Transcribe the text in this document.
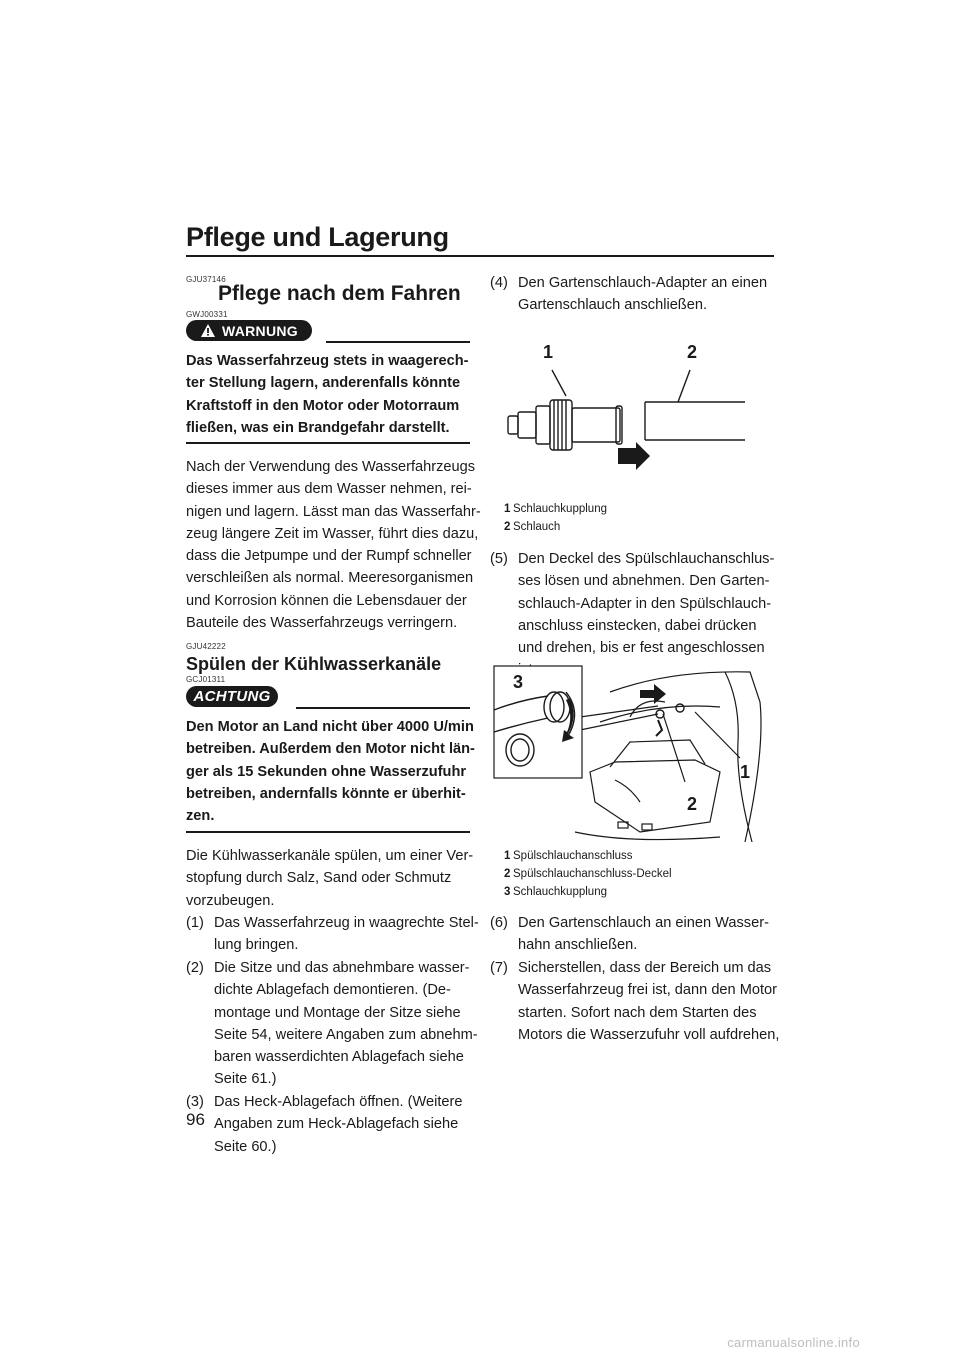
Pflege und Lagerung
GJU37146
Pflege nach dem Fahren
GWJ00331
WARNUNG
Das Wasserfahrzeug stets in waagerech-
ter Stellung lagern, anderenfalls könnte
Kraftstoff in den Motor oder Motorraum
fließen, was ein Brandgefahr darstellt.
Nach der Verwendung des Wasserfahrzeugs
dieses immer aus dem Wasser nehmen, rei-
nigen und lagern. Lässt man das Wasserfahr-
zeug längere Zeit im Wasser, führt dies dazu,
dass die Jetpumpe und der Rumpf schneller
verschleißen als normal. Meeresorganismen
und Korrosion können die Lebensdauer der
Bauteile des Wasserfahrzeugs verringern.
GJU42222
Spülen der Kühlwasserkanäle
GCJ01311
ACHTUNG
Den Motor an Land nicht über 4000 U/min
betreiben. Außerdem den Motor nicht län-
ger als 15 Sekunden ohne Wasserzufuhr
betreiben, andernfalls könnte er überhit-
zen.
Die Kühlwasserkanäle spülen, um einer Ver-
stopfung durch Salz, Sand oder Schmutz
vorzubeugen.
(1) Das Wasserfahrzeug in waagrechte Stel-
lung bringen.
(2) Die Sitze und das abnehmbare wasser-
dichte Ablagefach demontieren. (De-
montage und Montage der Sitze siehe
Seite 54, weitere Angaben zum abnehm-
baren wasserdichten Ablagefach siehe
Seite 61.)
(3) Das Heck-Ablagefach öffnen. (Weitere
Angaben zum Heck-Ablagefach siehe
Seite 60.)
(4) Den Gartenschlauch-Adapter an einen
Gartenschlauch anschließen.
1	2
1 Schlauchkupplung
2 Schlauch
(5) Den Deckel des Spülschlauchanschlus-
ses lösen und abnehmen. Den Garten-
schlauch-Adapter in den Spülschlauch-
anschluss einstecken, dabei drücken
und drehen, bis er fest angeschlossen
3
1
2
1 Spülschlauchanschluss
2 Spülschlauchanschluss-Deckel
3 Schlauchkupplung
(6) Den Gartenschlauch an einen Wasser-
hahn anschließen.
(7) Sicherstellen, dass der Bereich um das
Wasserfahrzeug frei ist, dann den Motor
starten. Sofort nach dem Starten des
Motors die Wasserzufuhr voll aufdrehen,
96
carmanualsonline.info
